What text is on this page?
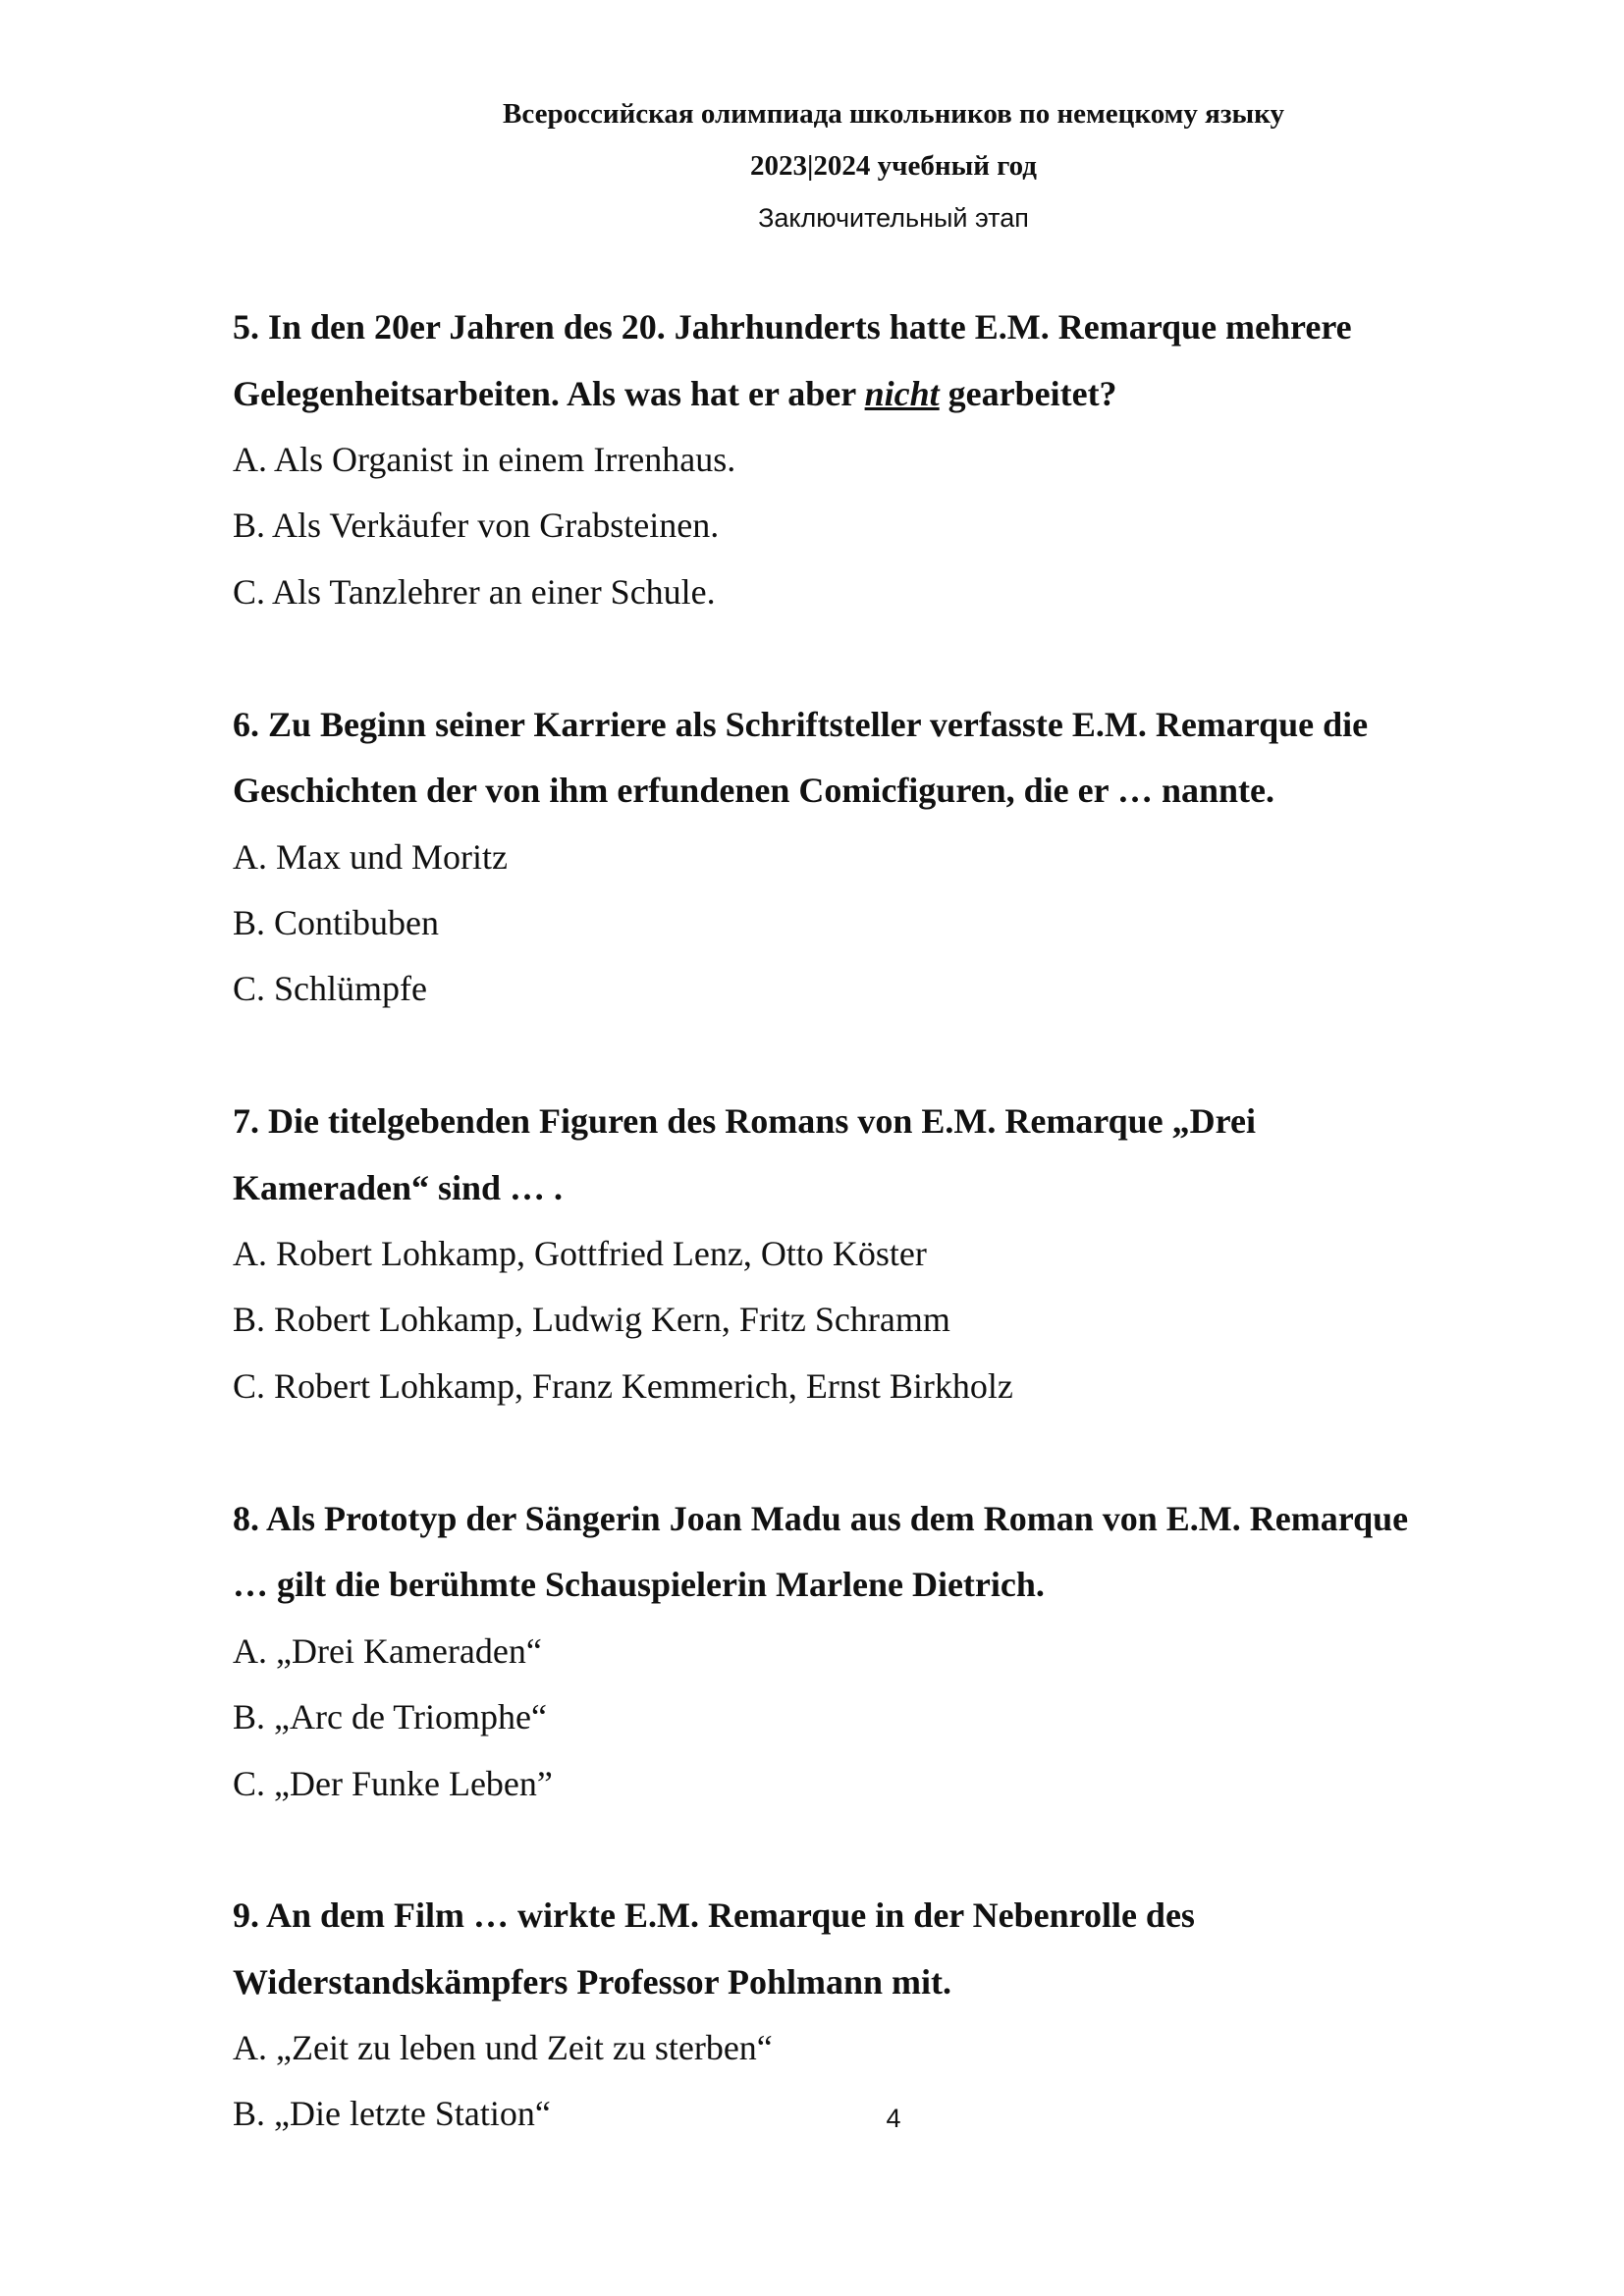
Всероссийская олимпиада школьников по немецкому языку
2023|2024 учебный год
Заключительный этап
5. In den 20er Jahren des 20. Jahrhunderts hatte E.M. Remarque mehrere
Gelegenheitsarbeiten. Als was hat er aber nicht gearbeitet?
A. Als Organist in einem Irrenhaus.
B. Als Verkäufer von Grabsteinen.
C. Als Tanzlehrer an einer Schule.
6. Zu Beginn seiner Karriere als Schriftsteller verfasste E.M. Remarque die
Geschichten der von ihm erfundenen Comicfiguren, die er … nannte.
A. Max und Moritz
B. Contibuben
C. Schlümpfe
7. Die titelgebenden Figuren des Romans von E.M. Remarque „Drei
Kameraden“ sind … .
A. Robert Lohkamp, Gottfried Lenz, Otto Köster
B. Robert Lohkamp, Ludwig Kern, Fritz Schramm
C. Robert Lohkamp, Franz Kemmerich, Ernst Birkholz
8. Als Prototyp der Sängerin Joan Madu aus dem Roman von E.M. Remarque
… gilt die berühmte Schauspielerin Marlene Dietrich.
A. „Drei Kameraden“
B. „Arc de Triomphe“
C. „Der Funke Leben”
9. An dem Film … wirkte E.M. Remarque in der Nebenrolle des
Widerstandskämpfers Professor Pohlmann mit.
A. „Zeit zu leben und Zeit zu sterben“
B. „Die letzte Station“	4
